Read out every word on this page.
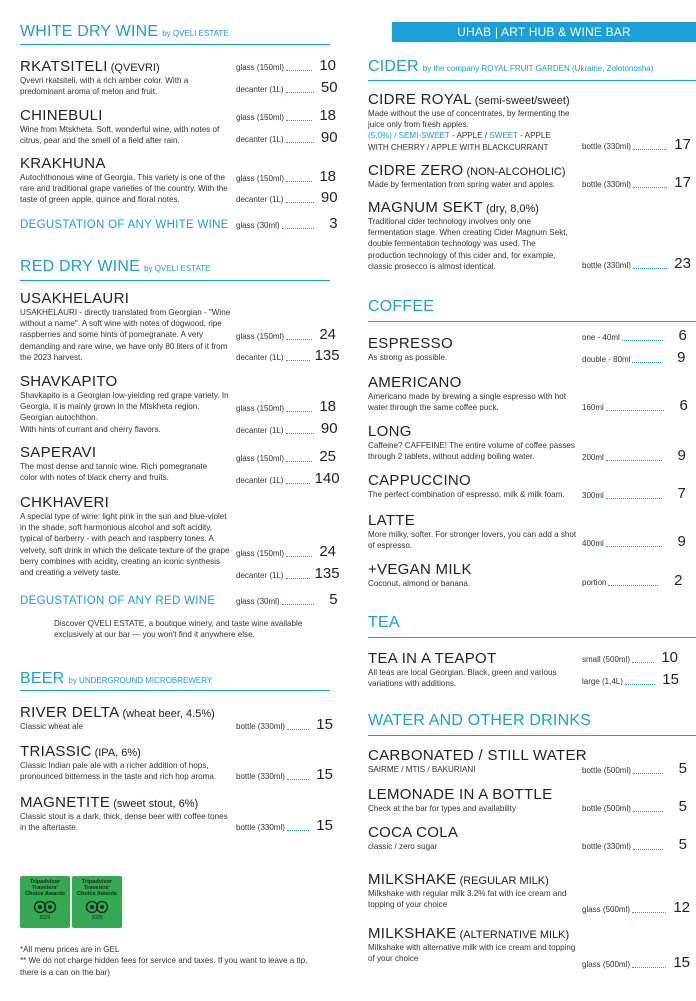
UHAB | ART HUB & WINE BAR
WHITE DRY WINE by QVELI ESTATE
RKATSITELI (QVEVRI)
Qvevri rkatsiteli, with a rich amber color. With a predominant aroma of melon and fruit.
glass (150ml)	10
decanter (1L)	50
CHINEBULI
Wine from Mtskheta. Soft, wonderful wine, with notes of citrus, pear and the smell of a field after rain.
glass (150ml)	18
decanter (1L)	90
KRAKHUNA
Autochthonous wine of Georgia. This variety is one of the rare and traditional grape varieties of the country. With the taste of green apple, quince and floral notes.
glass (150ml)	18
decanter (1L)	90
DEGUSTATION OF ANY WHITE WINE glass (30ml)	3
RED DRY WINE by QVELI ESTATE
USAKHELAURI
USAKHELAURI - directly translated from Georgian - "Wine without a name". A soft wine with notes of dogwood, ripe raspberries and some hints of pomegranate. A very demanding and rare wine, we have only 80 liters of it from the 2023 harvest.
glass (150ml)	24
decanter (1L) 135
SHAVKAPITO
Shavkapito is a Georgian low-yielding red grape variety. In Georgia, it is mainly grown in the Mtskheta region. Georgian autochthon.
With hints of currant and cherry flavors.
glass (150ml)	18
decanter (1L)	90
SAPERAVI
The most dense and tannic wine. Rich pomegranate color with notes of black cherry and fruits.
glass (150ml)	25
decanter (1L) 140
CHKHAVERI
A special type of wine: light pink in the sun and blue-violet in the shade, soft harmonious alcohol and soft acidity, typical of barberry - with peach and raspberry tones. A velvety, soft drink in which the delicate texture of the grape berry combines with acidity, creating an iconic synthesis and creating a velvety taste.
glass (150ml)	24
decanter (1L) 135
DEGUSTATION OF ANY RED WINE	glass (30ml)	5
Discover QVELI ESTATE, a boutique winery, and taste wine available exclusively at our bar — you won't find it anywhere else.
BEER by UNDERGROUND MICROBREWERY
RIVER DELTA (wheat beer, 4.5%)
Classic wheat ale	bottle (330ml)	15
TRIASSIC (IPA, 6%)
Classic Indian pale ale with a richer addition of hops, pronounced bitterness in the taste and rich hop aroma.	bottle (330ml)	15
MAGNETITE (sweet stout, 6%)
Classic stout is a dark, thick, dense beer with coffee tones in the aftertaste.	bottle (330ml)	15
Tripadvisor
Travelers'
Choice Awards
2024
Tripadvisor
Travelers'
Choice Awards
2025
*All menu prices are in GEL
** We do not charge hidden fees for service and taxes. If you want to leave a tip, there is a can on the bar)
CIDER by the company ROYAL FRUIT GARDEN (Ukraine, Zolotonosha)
CIDRE ROYAL (semi-sweet/sweet)
Made without the use of concentrates, by fermenting the juice only from fresh apples.
(5,0%) / SEMI-SWEET - APPLE / SWEET - APPLE WITH CHERRY / APPLE WITH BLACKCURRANT	bottle (330ml)	17
CIDRE ZERO (NON-ALCOHOLIC)
Made by fermentation from spring water and apples.	bottle (330ml)	17
MAGNUM SEKT (dry, 8,0%)
Traditional cider technology involves only one fermentation stage. When creating Cider Magnum Sekt, double fermentation technology was used. The production technology of this cider and, for example, classic prosecco is almost identical.	bottle (330ml)	23
COFFEE
ESPRESSO
As strong as possible.
one - 40ml	6
double - 80ml	9
AMERICANO
Americano made by brewing a single espresso with hot water through the same coffee puck.	160ml	6
LONG
Caffeine? CAFFEINE! The entire volume of coffee passes through 2 tablets, without adding boiling water.	200ml	9
CAPPUCCINO
The perfect combination of espresso, milk & milk foam.	300ml	7
LATTE
More milky, softer. For stronger lovers, you can add a shot of espresso.	400ml	9
+VEGAN MILK
Coconut, almond or banana.	portion	2
TEA
TEA IN A TEAPOT
All teas are local Georgian. Black, green and various variations with additions.
small (500ml)	10
large (1,4L)	15
WATER AND OTHER DRINKS
CARBONATED / STILL WATER
SAIRME / MTIS / BAKURIANI	bottle (500ml)	5
LEMONADE IN A BOTTLE
Check at the bar for types and availability	bottle (500ml)	5
COCA COLA
classic / zero sugar	bottle (330ml)	5
MILKSHAKE (REGULAR MILK)
Milkshake with regular milk 3.2% fat with ice cream and topping of your choice
glass (500ml)	12
MILKSHAKE (ALTERNATIVE MILK)
Milkshake with alternative milk with ice cream and topping of your choice
glass (500ml)	15
